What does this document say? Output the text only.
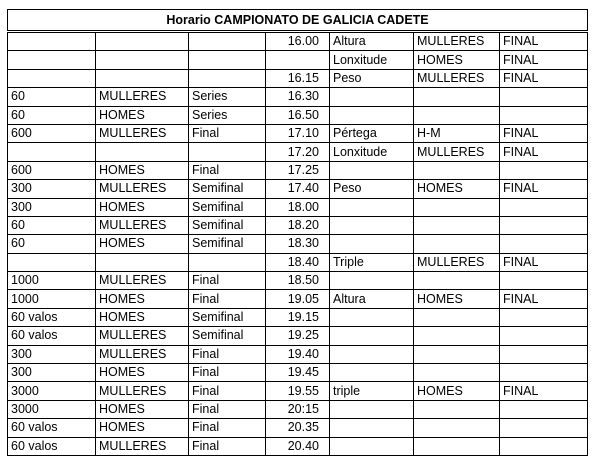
Horario CAMPIONATO DE GALICIA CADETE						
			16.00	Altura	MULLERES	FINAL
				Lonxitude	HOMES	FINAL
			16.15	Peso	MULLERES	FINAL
60	MULLERES	Series	16.30			
60	HOMES	Series	16.50			
600	MULLERES	Final	17.10	Pértega	H-M	FINAL
			17.20	Lonxitude	MULLERES	FINAL
600	HOMES	Final	17.25			
300	MULLERES	Semifinal	17.40	Peso	HOMES	FINAL
300	HOMES	Semifinal	18.00			
60	MULLERES	Semifinal	18.20			
60	HOMES	Semifinal	18.30			
			18.40	Triple	MULLERES	FINAL
1000	MULLERES	Final	18.50			
1000	HOMES	Final	19.05	Altura	HOMES	FINAL
60 valos	HOMES	Semifinal	19.15			
60 valos	MULLERES	Semifinal	19.25			
300	MULLERES	Final	19.40			
300	HOMES	Final	19.45			
3000	MULLERES	Final	19.55	triple	HOMES	FINAL
3000	HOMES	Final	20:15			
60 valos	HOMES	Final	20.35			
60 valos	MULLERES	Final	20.40			
